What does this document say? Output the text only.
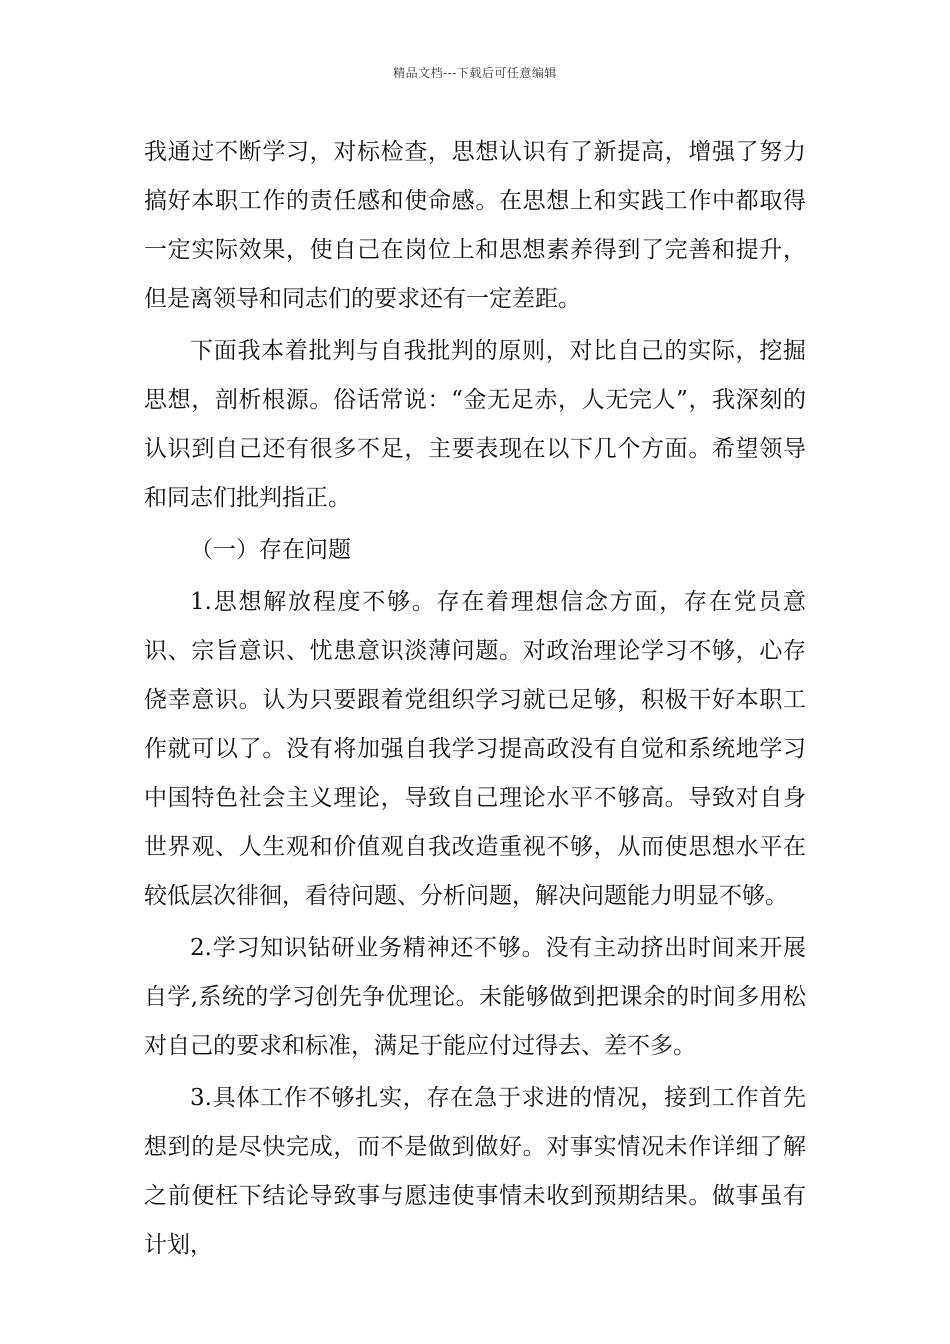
精品文档---下载后可任意编辑

我通过不断学习，对标检查，思想认识有了新提高，增强了努力搞好本职工作的责任感和使命感。在思想上和实践工作中都取得一定实际效果，使自己在岗位上和思想素养得到了完善和提升，但是离领导和同志们的要求还有一定差距。

下面我本着批判与自我批判的原则，对比自己的实际，挖掘思想，剖析根源。俗话常说：“金无足赤，人无完人”，我深刻的认识到自己还有很多不足，主要表现在以下几个方面。希望领导和同志们批判指正。

（一）存在问题

1.思想解放程度不够。存在着理想信念方面，存在党员意识、宗旨意识、忧患意识淡薄问题。对政治理论学习不够，心存侥幸意识。认为只要跟着党组织学习就已足够，积极干好本职工作就可以了。没有将加强自我学习提高政没有自觉和系统地学习中国特色社会主义理论，导致自己理论水平不够高。导致对自身世界观、人生观和价值观自我改造重视不够，从而使思想水平在较低层次徘徊，看待问题、分析问题，解决问题能力明显不够。

2.学习知识钻研业务精神还不够。没有主动挤出时间来开展自学,系统的学习创先争优理论。未能够做到把课余的时间多用松对自己的要求和标准，满足于能应付过得去、差不多。

3.具体工作不够扎实，存在急于求进的情况，接到工作首先想到的是尽快完成，而不是做到做好。对事实情况未作详细了解之前便枉下结论导致事与愿违使事情未收到预期结果。做事虽有计划，
